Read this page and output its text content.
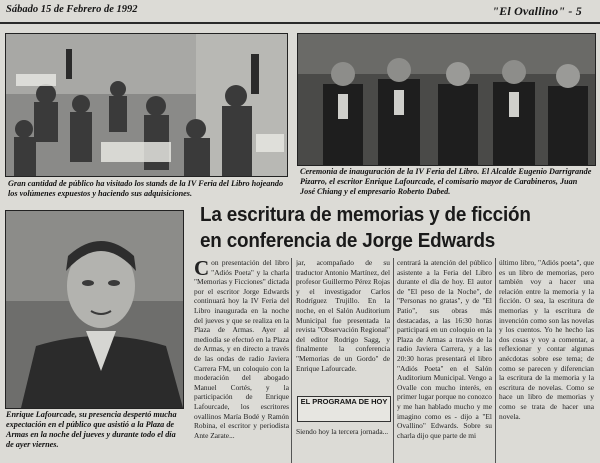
Sábado 15 de Febrero de 1992	"El Ovallino" - 5
Gran cantidad de público ha visitado los stands de la IV Feria del Libro hojeando los volúmenes expuestos y haciendo sus adquisiciones.
Ceremonia de inauguración de la IV Feria del Libro. El Alcalde Eugenio Darrigrande Pizarro, el escritor Enrique Lafourcade, el comisario mayor de Carabineros, Juan José Chiang y el empresario Roberto Dabed.
Enrique Lafourcade, su presencia despertó mucha expectación en el público que asistió a la Plaza de Armas en la noche del jueves y durante todo el día de ayer viernes.
La escritura de memorias y de ficción
en conferencia de Jorge Edwards
Con presentación del libro "Adiós Poeta" y la charla "Memorias y Ficciones" dictada por el escritor Jorge Edwards continuará hoy la IV Feria del Libro inaugurada en la noche del jueves y que se realiza en la Plaza de Armas. Ayer al mediodía se efectuó en la Plaza de Armas, y en directo a través de las ondas de radio Javiera Carrera FM, un coloquio con la moderación del abogado Manuel Cortés, y la participación de Enrique Lafourcade, los escritores ovallinos María Bodé y Ramón Robina, el escritor y periodista Ante Zarate...
jar, acompañado de su traductor Antonio Martínez, del profesor Guillermo Pérez Rojas y el investigador Carlos Rodríguez Trujillo. En la noche, en el Salón Auditorium Municipal fue presentada la revista "Observación Regional" del editor Rodrigo Sagg, y finalmente la conferencia "Memorias de un Gordo" de Enrique Lafourcade.
EL PROGRAMA DE HOY
Siendo hoy la tercera jornada...
centrará la atención del público asistente a la Feria del Libro durante el día de hoy. El autor de "El peso de la Noche", de "Personas no gratas", y de "El Patio", sus obras más destacadas, a las 16:30 horas participará en un coloquio en la Plaza de Armas a través de la radio Javiera Carrera, y a las 20:30 horas presentará el libro "Adiós Poeta" en el Salón Auditorium Municipal. Vengo a Ovalle con mucho interés, en primer lugar porque no conozco y me han hablado mucho y me imagino como es - dijo a "El Ovallino" Edwards. Sobre su charla dijo que parte de mi
último libro, "Adiós poeta", que es un libro de memorias, pero también voy a hacer una relación entre la memoria y la ficción. O sea, la escritura de memorias y la escritura de invención como son las novelas y los cuentos. Yo he hecho las dos cosas y voy a comentar, a reflexionar y contar algunas anécdotas sobre ese tema; de como se parecen y diferencian la escritura de la memoria y la escritura de novelas. Como se hace un libro de memorias y como se trata de hacer una novela.
